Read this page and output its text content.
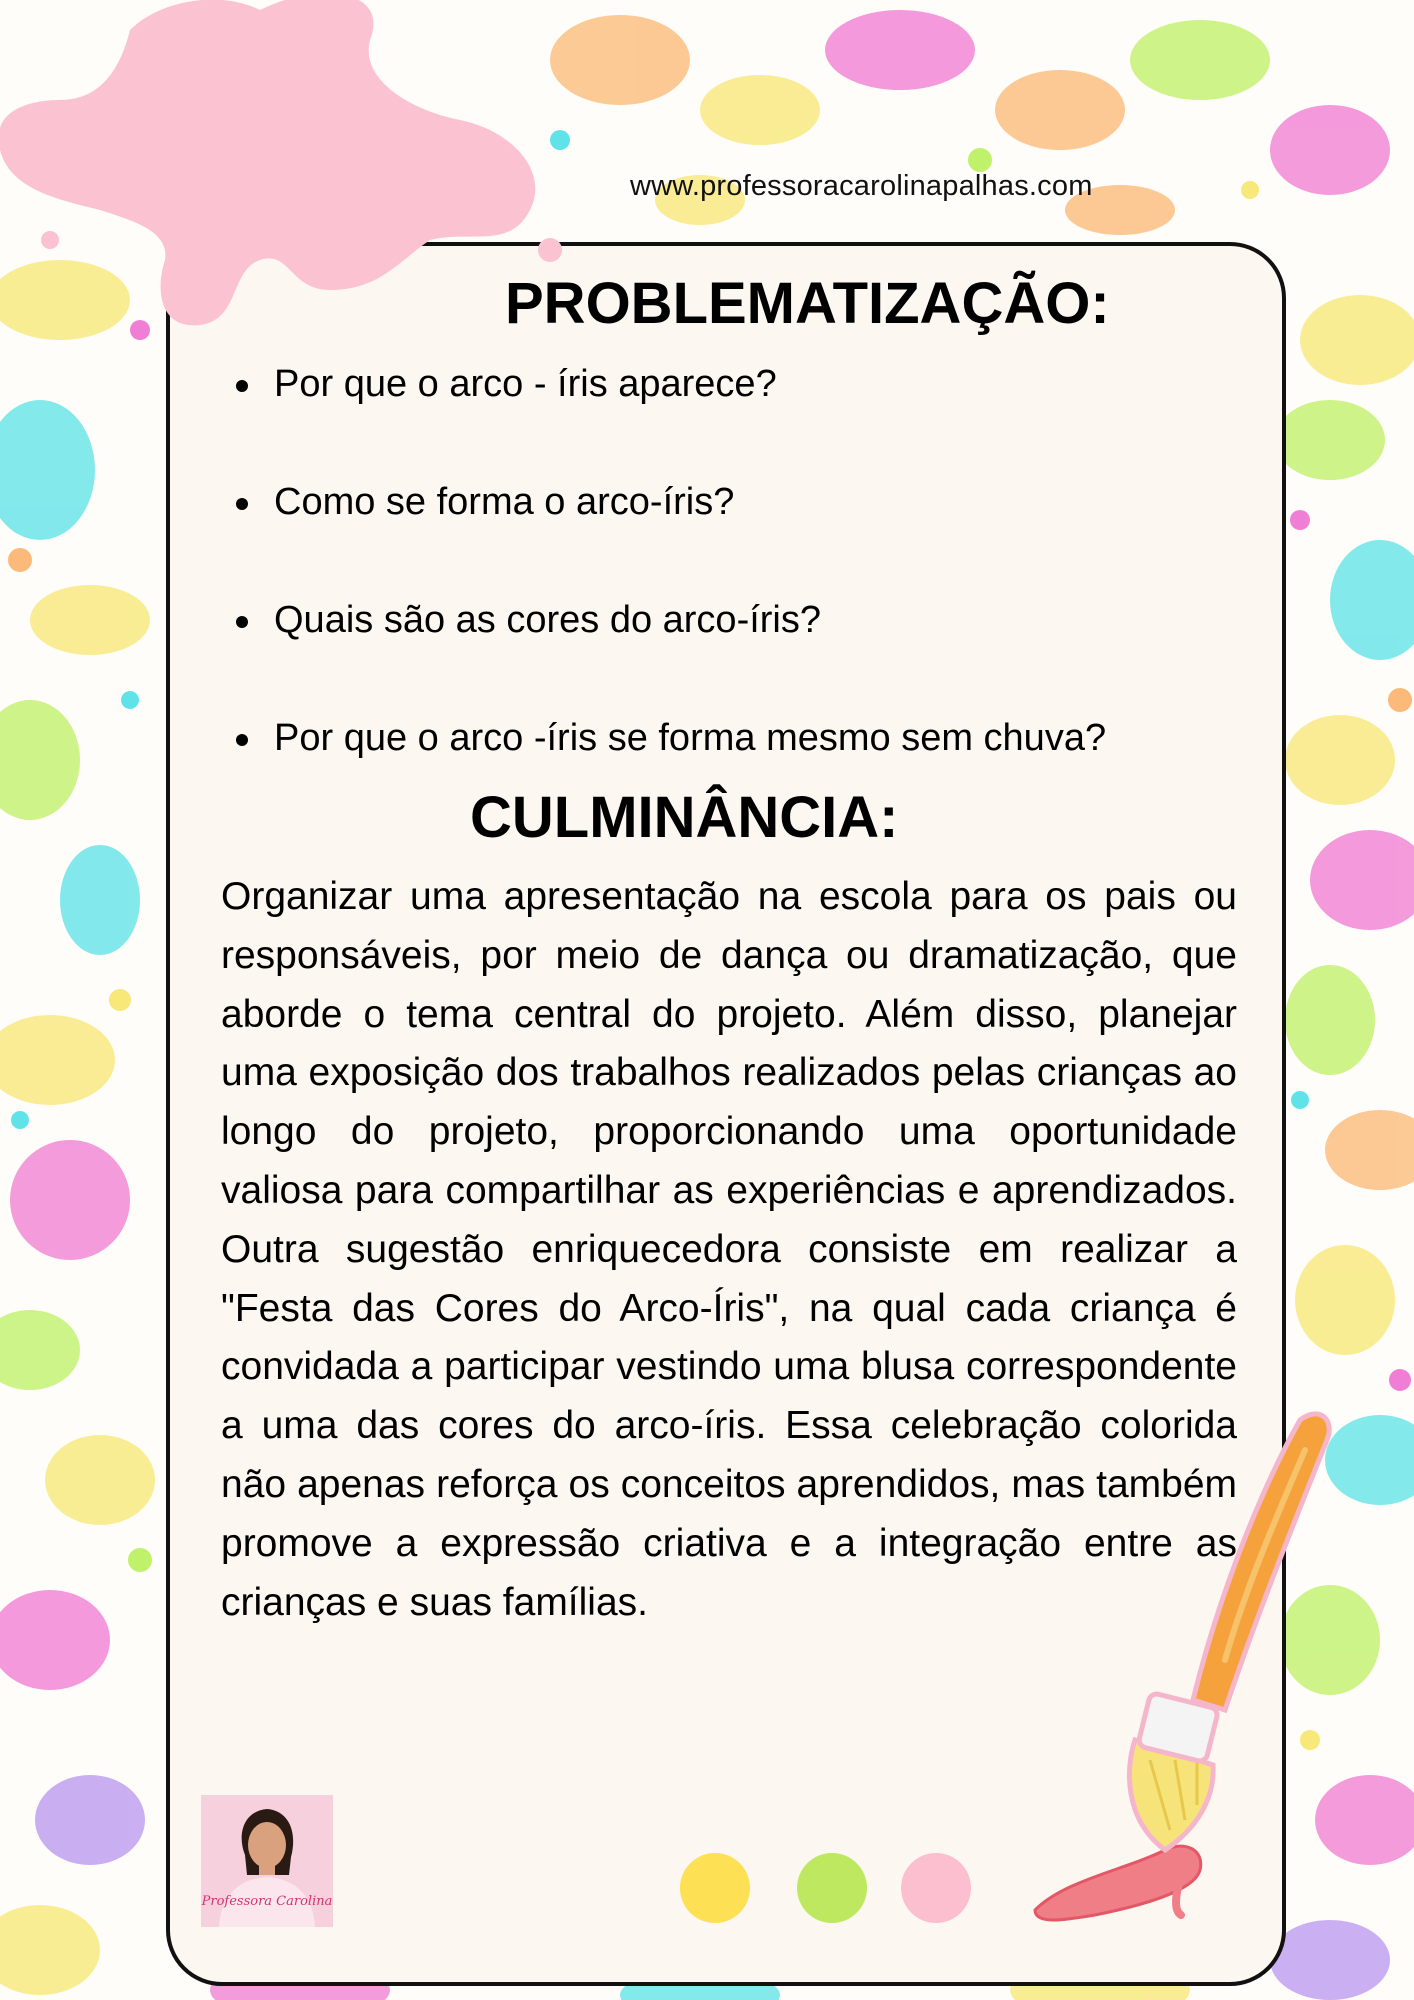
www.professoracarolinapalhas.com
PROBLEMATIZAÇÃO:
Por que o arco - íris aparece?
Como se forma o arco-íris?
Quais são as cores do arco-íris?
Por que o arco -íris se forma mesmo sem chuva?
CULMINÂNCIA:

Organizar uma apresentação na escola para os pais ou responsáveis, por meio de dança ou dramatização, que aborde o tema central do projeto. Além disso, planejar uma exposição dos trabalhos realizados pelas crianças ao longo do projeto, proporcionando uma oportunidade valiosa para compartilhar as experiências e aprendizados. Outra sugestão enriquecedora consiste em realizar a "Festa das Cores do Arco-Íris", na qual cada criança é convidada a participar vestindo uma blusa correspondente a uma das cores do arco-íris. Essa celebração colorida não apenas reforça os conceitos aprendidos, mas também promove a expressão criativa e a integração entre as crianças e suas famílias.

Professora Carolina
